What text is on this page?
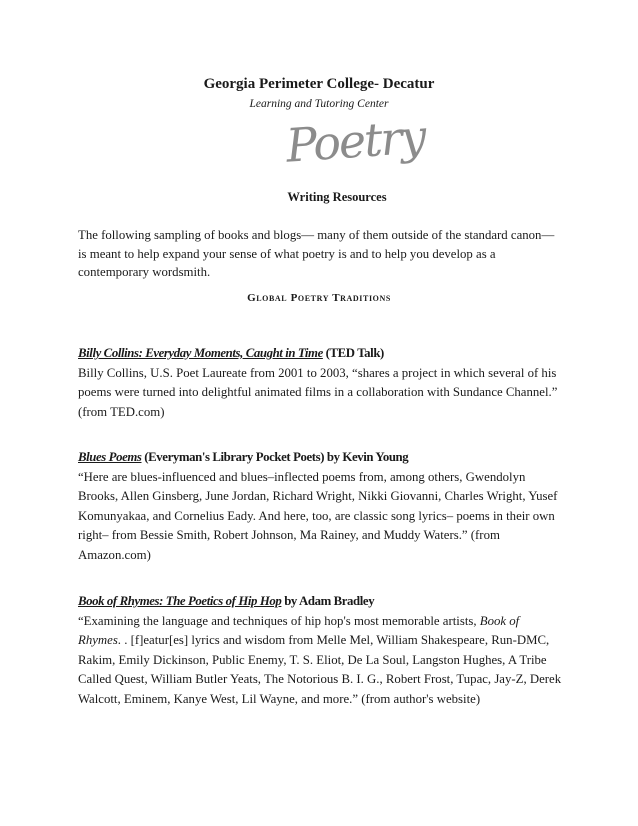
Georgia Perimeter College- Decatur
Learning and Tutoring Center
Poetry
Writing Resources

The following sampling of books and blogs— many of them outside of the standard canon— is meant to help expand your sense of what poetry is and to help you develop as a contemporary wordsmith.

Global Poetry Traditions

Billy Collins: Everyday Moments, Caught in Time (TED Talk)

Billy Collins, U.S. Poet Laureate from 2001 to 2003, “shares a project in which several of his poems were turned into delightful animated films in a collaboration with Sundance Channel.” (from TED.com)

Blues Poems (Everyman's Library Pocket Poets) by Kevin Young

“Here are blues-influenced and blues–inflected poems from, among others, Gwendolyn Brooks, Allen Ginsberg, June Jordan, Richard Wright, Nikki Giovanni, Charles Wright, Yusef Komunyakaa, and Cornelius Eady. And here, too, are classic song lyrics– poems in their own right– from Bessie Smith, Robert Johnson, Ma Rainey, and Muddy Waters.” (from Amazon.com)

Book of Rhymes: The Poetics of Hip Hop by Adam Bradley

“Examining the language and techniques of hip hop's most memorable artists, Book of Rhymes. . [f]eatur[es] lyrics and wisdom from Melle Mel, William Shakespeare, Run-DMC, Rakim, Emily Dickinson, Public Enemy, T. S. Eliot, De La Soul, Langston Hughes, A Tribe Called Quest, William Butler Yeats, The Notorious B. I. G., Robert Frost, Tupac, Jay-Z, Derek Walcott, Eminem, Kanye West, Lil Wayne, and more.” (from author's website)
